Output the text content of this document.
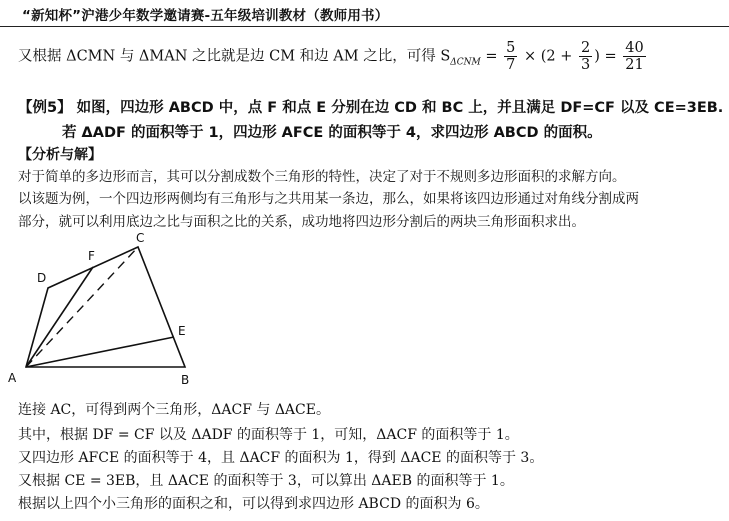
“新知杯”沪港少年数学邀请赛-五年级培训教材（教师用书）
又根据 ΔCMN 与 ΔMAN 之比就是边 CM 和边 AM 之比，可得 $S_{\Delta CNM} = \frac{5}{7} \times (2 + \frac{2}{3}$ ) = $\frac{40}{21}$
【例5】 如图，四边形 ABCD 中，点 F 和点 E 分别在边 CD 和 BC 上，并且满足 DF=CF 以及 CE=3EB.
若 ΔADF 的面积等于 1，四边形 AFCE 的面积等于 4，求四边形 ABCD 的面积。
【分析与解】
对于简单的多边形而言，其可以分割成数个三角形的特性，决定了对于不规则多边形面积的求解方向。
以该题为例，一个四边形两侧均有三角形与之共用某一条边，那么，如果将该四边形通过对角线分割成两
部分，就可以利用底边之比与面积之比的关系，成功地将四边形分割后的两块三角形面积求出。
A	B
C
D
E
F
连接 AC，可得到两个三角形，ΔACF 与 ΔACE。
其中，根据 DF = CF 以及 ΔADF 的面积等于 1，可知，ΔACF 的面积等于 1。
又四边形 AFCE 的面积等于 4，且 ΔACF 的面积为 1，得到 ΔACE 的面积等于 3。
又根据 CE = 3EB，且 ΔACE 的面积等于 3，可以算出 ΔAEB 的面积等于 1。
根据以上四个小三角形的面积之和，可以得到求四边形 ABCD 的面积为 6。
